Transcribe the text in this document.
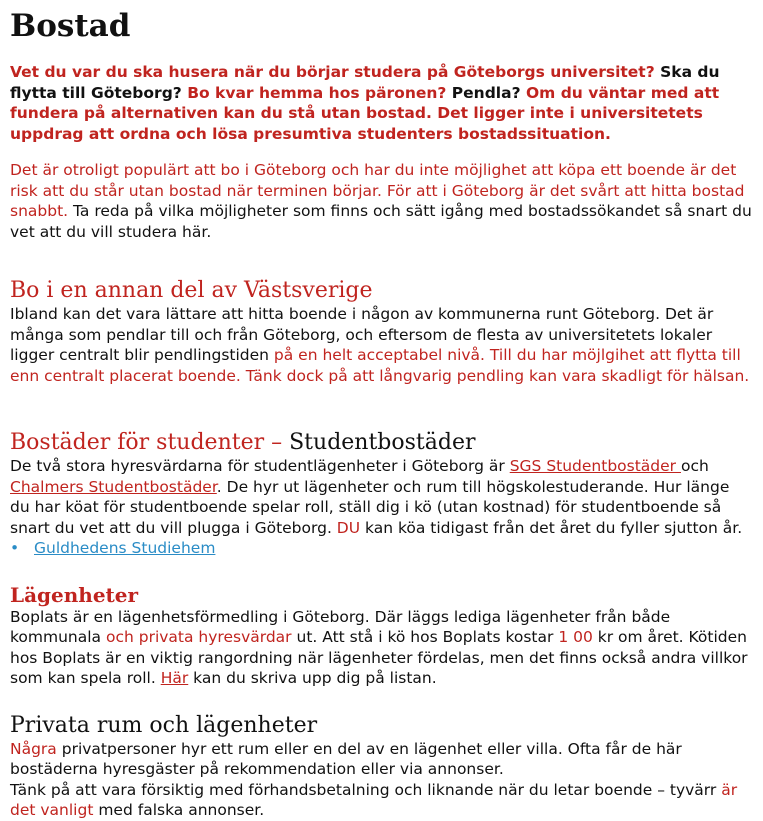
Bostad
Vet du var du ska husera när du börjar studera på Göteborgs universitet? Ska du flytta till Göteborg? Bo kvar hemma hos päronen? Pendla? Om du väntar med att fundera på alternativen kan du stå utan bostad. Det ligger inte i universitetets uppdrag att ordna och lösa presumtiva studenters bostadssituation.

Det är otroligt populärt att bo i Göteborg och har du inte möjlighet att köpa ett boende är det risk att du står utan bostad när terminen börjar. För att i Göteborg är det svårt att hitta bostad snabbt. Ta reda på vilka möjligheter som finns och sätt igång med bostadssökandet så snart du vet att du vill studera här.

Bo i en annan del av Västsverige

Ibland kan det vara lättare att hitta boende i någon av kommunerna runt Göteborg. Det är många som pendlar till och från Göteborg, och eftersom de flesta av universitetets lokaler ligger centralt blir pendlingstiden på en helt acceptabel nivå. Till du har möjlgihet att flytta till enn centralt placerat boende. Tänk dock på att långvarig pendling kan vara skadligt för hälsan.

Bostäder för studenter – Studentbostäder

De två stora hyresvärdarna för studentlägenheter i Göteborg är SGS Studentbostäder och Chalmers Studentbostäder. De hyr ut lägenheter och rum till högskolestuderande. Hur länge du har köat för studentboende spelar roll, ställ dig i kö (utan kostnad) för studentboende så snart du vet att du vill plugga i Göteborg. DU kan köa tidigast från det året du fyller sjutton år.

• Guldhedens Studiehem
Lägenheter

Boplats är en lägenhetsförmedling i Göteborg. Där läggs lediga lägenheter från både kommunala och privata hyresvärdar ut. Att stå i kö hos Boplats kostar 1 00 kr om året. Kötiden hos Boplats är en viktig rangordning när lägenheter fördelas, men det finns också andra villkor som kan spela roll. Här kan du skriva upp dig på listan.

Privata rum och lägenheter

Några privatpersoner hyr ett rum eller en del av en lägenhet eller villa. Ofta får de här bostäderna hyresgäster på rekommendation eller via annonser.

Tänk på att vara försiktig med förhandsbetalning och liknande när du letar boende – tyvärr är det vanligt med falska annonser.
